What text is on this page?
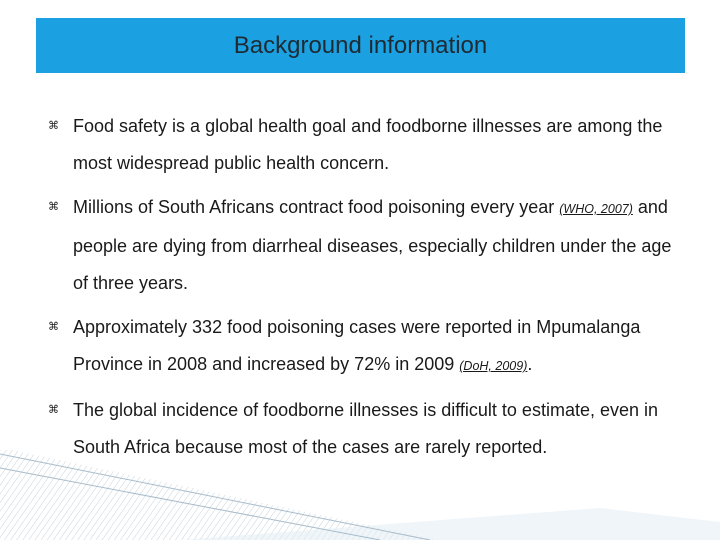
Background information
⌘ Food safety is a global health goal and foodborne illnesses are among the most widespread public health concern.
⌘ Millions of South Africans contract food poisoning every year (WHO, 2007) and people are dying from diarrheal diseases, especially children under the age of three years.
⌘ Approximately 332 food poisoning cases were reported in Mpumalanga Province in 2008 and increased by 72% in 2009 (DoH, 2009).
⌘ The global incidence of foodborne illnesses is difficult to estimate, even in South Africa because most of the cases are rarely reported.
